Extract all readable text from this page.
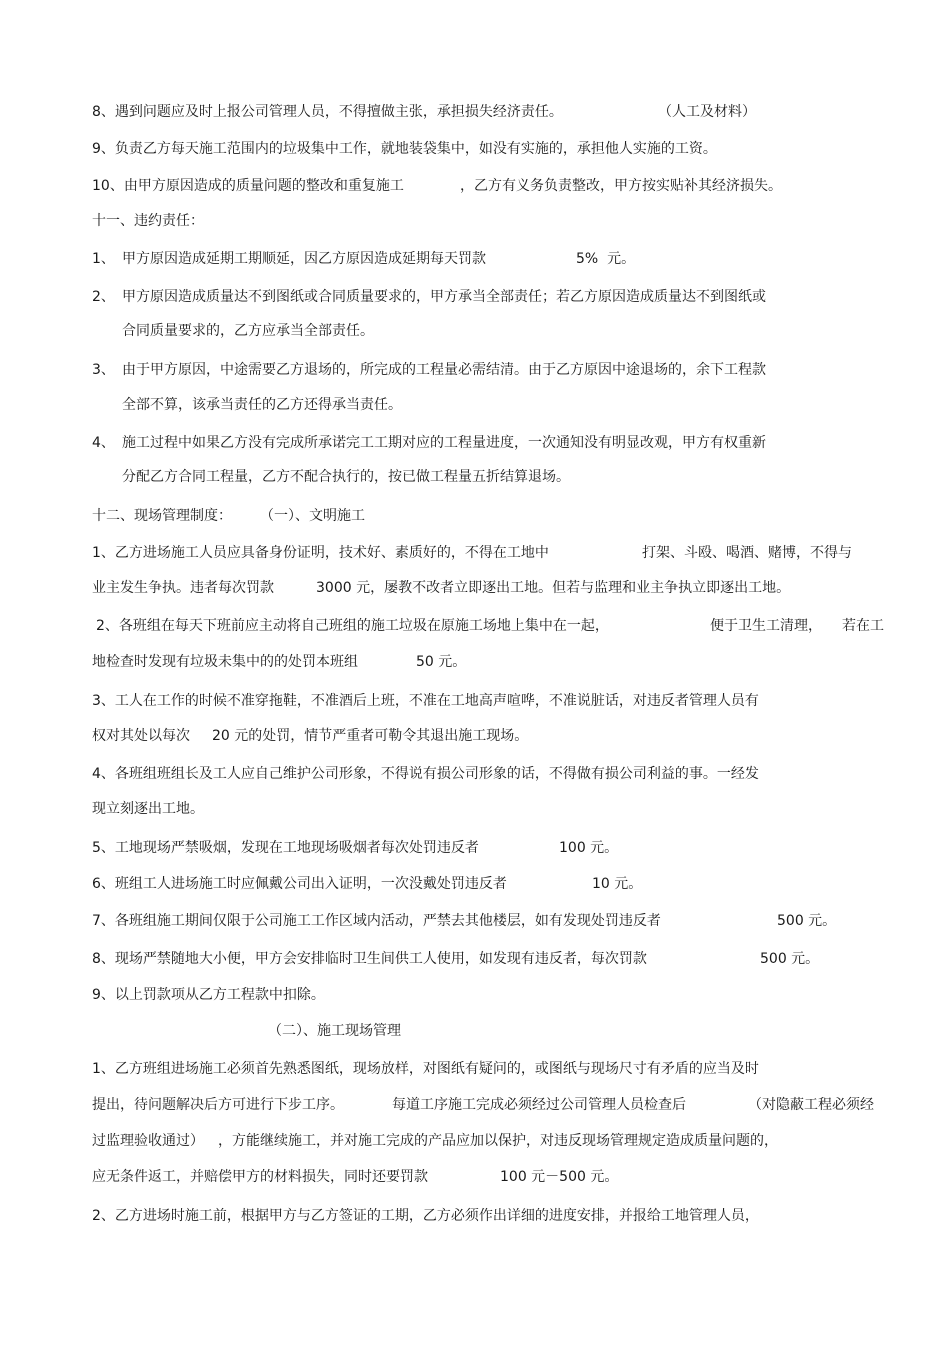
8、遇到问题应及时上报公司管理人员，不得擅做主张，承担损失经济责任。	（人工及材料）
9、负责乙方每天施工范围内的垃圾集中工作，就地装袋集中，如没有实施的，承担他人实施的工资。
10、由甲方原因造成的质量问题的整改和重复施工	，乙方有义务负责整改，甲方按实贴补其经济损失。
十一、违约责任：
1、 甲方原因造成延期工期顺延，因乙方原因造成延期每天罚款	5%  元。
2、 甲方原因造成质量达不到图纸或合同质量要求的，甲方承当全部责任；若乙方原因造成质量达不到图纸或
合同质量要求的，乙方应承当全部责任。
3、 由于甲方原因，中途需要乙方退场的，所完成的工程量必需结清。由于乙方原因中途退场的，余下工程款
全部不算，该承当责任的乙方还得承当责任。
4、 施工过程中如果乙方没有完成所承诺完工工期对应的工程量进度，一次通知没有明显改观，甲方有权重新
分配乙方合同工程量，乙方不配合执行的，按已做工程量五折结算退场。
十二、现场管理制度： （一）、文明施工
1、乙方进场施工人员应具备身份证明，技术好、素质好的，不得在工地中	打架、斗殴、喝酒、赌博，不得与
业主发生争执。违者每次罚款	3000 元，屡教不改者立即逐出工地。但若与监理和业主争执立即逐出工地。
2、各班组在每天下班前应主动将自己班组的施工垃圾在原施工场地上集中在一起，	便于卫生工清理， 若在工
地检查时发现有垃圾未集中的的处罚本班组	50 元。
3、工人在工作的时候不准穿拖鞋，不准酒后上班，不准在工地高声喧哗，不准说脏话，对违反者管理人员有
权对其处以每次 20 元的处罚，情节严重者可勒令其退出施工现场。
4、各班组班组长及工人应自己维护公司形象，不得说有损公司形象的话，不得做有损公司利益的事。一经发
现立刻逐出工地。
5、工地现场严禁吸烟，发现在工地现场吸烟者每次处罚违反者	100 元。
6、班组工人进场施工时应佩戴公司出入证明，一次没戴处罚违反者	10 元。
7、各班组施工期间仅限于公司施工工作区域内活动，严禁去其他楼层，如有发现处罚违反者	500 元。
8、现场严禁随地大小便，甲方会安排临时卫生间供工人使用，如发现有违反者，每次罚款	500 元。
9、以上罚款项从乙方工程款中扣除。
（二）、施工现场管理
1、乙方班组进场施工必须首先熟悉图纸，现场放样，对图纸有疑问的，或图纸与现场尺寸有矛盾的应当及时
提出，待问题解决后方可进行下步工序。	每道工序施工完成必须经过公司管理人员检查后	（对隐蔽工程必须经
过监理验收通过） ，方能继续施工，并对施工完成的产品应加以保护，对违反现场管理规定造成质量问题的，
应无条件返工，并赔偿甲方的材料损失，同时还要罚款	100 元－500 元。
2、乙方进场时施工前，根据甲方与乙方签证的工期，乙方必须作出详细的进度安排，并报给工地管理人员，
